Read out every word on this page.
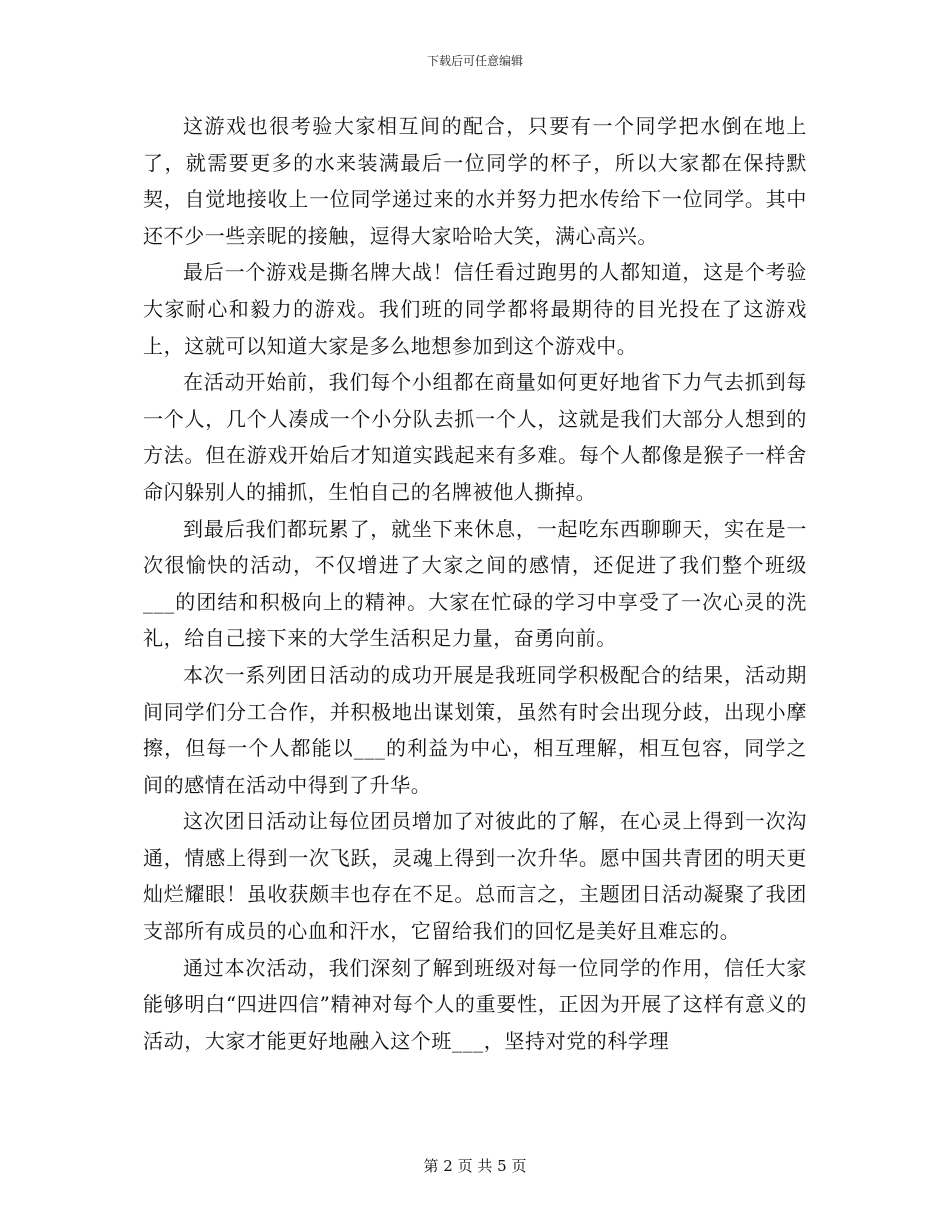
下载后可任意编辑

这游戏也很考验大家相互间的配合，只要有一个同学把水倒在地上了，就需要更多的水来装满最后一位同学的杯子，所以大家都在保持默契，自觉地接收上一位同学递过来的水并努力把水传给下一位同学。其中还不少一些亲昵的接触，逗得大家哈哈大笑，满心高兴。

最后一个游戏是撕名牌大战！信任看过跑男的人都知道，这是个考验大家耐心和毅力的游戏。我们班的同学都将最期待的目光投在了这游戏上，这就可以知道大家是多么地想参加到这个游戏中。

在活动开始前，我们每个小组都在商量如何更好地省下力气去抓到每一个人，几个人凑成一个小分队去抓一个人，这就是我们大部分人想到的方法。但在游戏开始后才知道实践起来有多难。每个人都像是猴子一样舍命闪躲别人的捕抓，生怕自己的名牌被他人撕掉。

到最后我们都玩累了，就坐下来休息，一起吃东西聊聊天，实在是一次很愉快的活动，不仅增进了大家之间的感情，还促进了我们整个班级___的团结和积极向上的精神。大家在忙碌的学习中享受了一次心灵的洗礼，给自己接下来的大学生活积足力量，奋勇向前。

本次一系列团日活动的成功开展是我班同学积极配合的结果，活动期间同学们分工合作，并积极地出谋划策，虽然有时会出现分歧，出现小摩擦，但每一个人都能以___的利益为中心，相互理解，相互包容，同学之间的感情在活动中得到了升华。

这次团日活动让每位团员增加了对彼此的了解，在心灵上得到一次沟通，情感上得到一次飞跃，灵魂上得到一次升华。愿中国共青团的明天更灿烂耀眼！虽收获颇丰也存在不足。总而言之，主题团日活动凝聚了我团支部所有成员的心血和汗水，它留给我们的回忆是美好且难忘的。

通过本次活动，我们深刻了解到班级对每一位同学的作用，信任大家能够明白“四进四信”精神对每个人的重要性，正因为开展了这样有意义的活动，大家才能更好地融入这个班___，坚持对党的科学理

第 2 页 共 5 页
